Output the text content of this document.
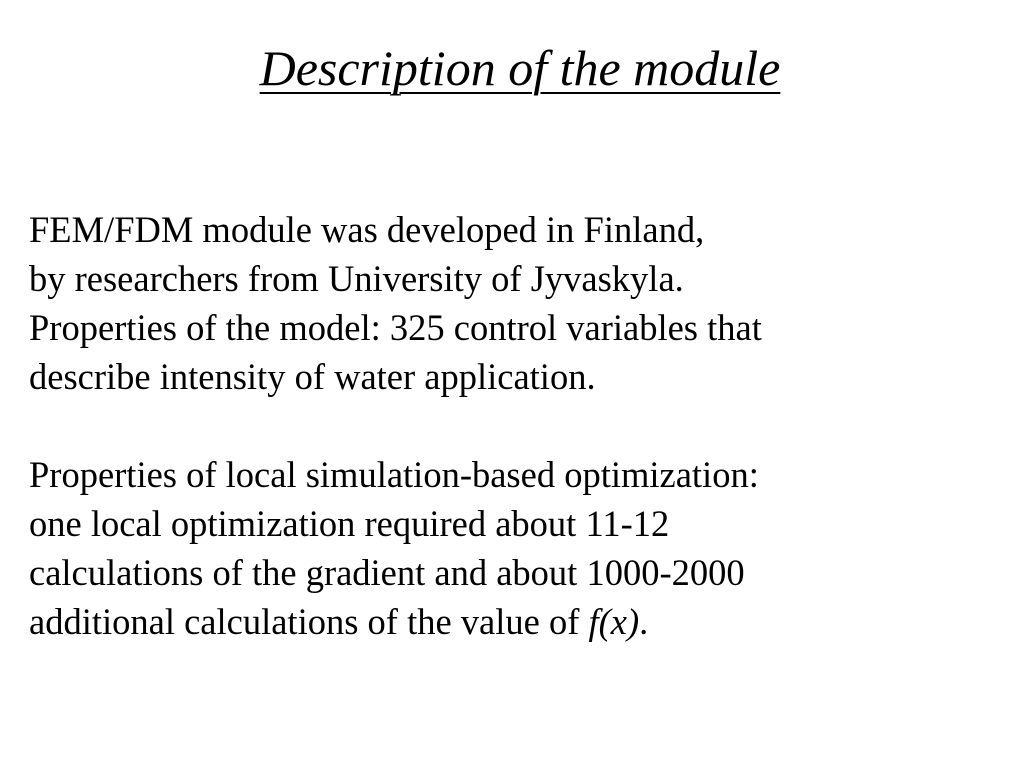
Description of the module
FEM/FDM module was developed in Finland,
by researchers from University of Jyvaskyla.
Properties of the model: 325 control variables that
describe intensity of water application.
Properties of local simulation-based optimization:
one local optimization required about 11-12
calculations of the gradient and about 1000-2000
additional calculations of the value of f(x).
